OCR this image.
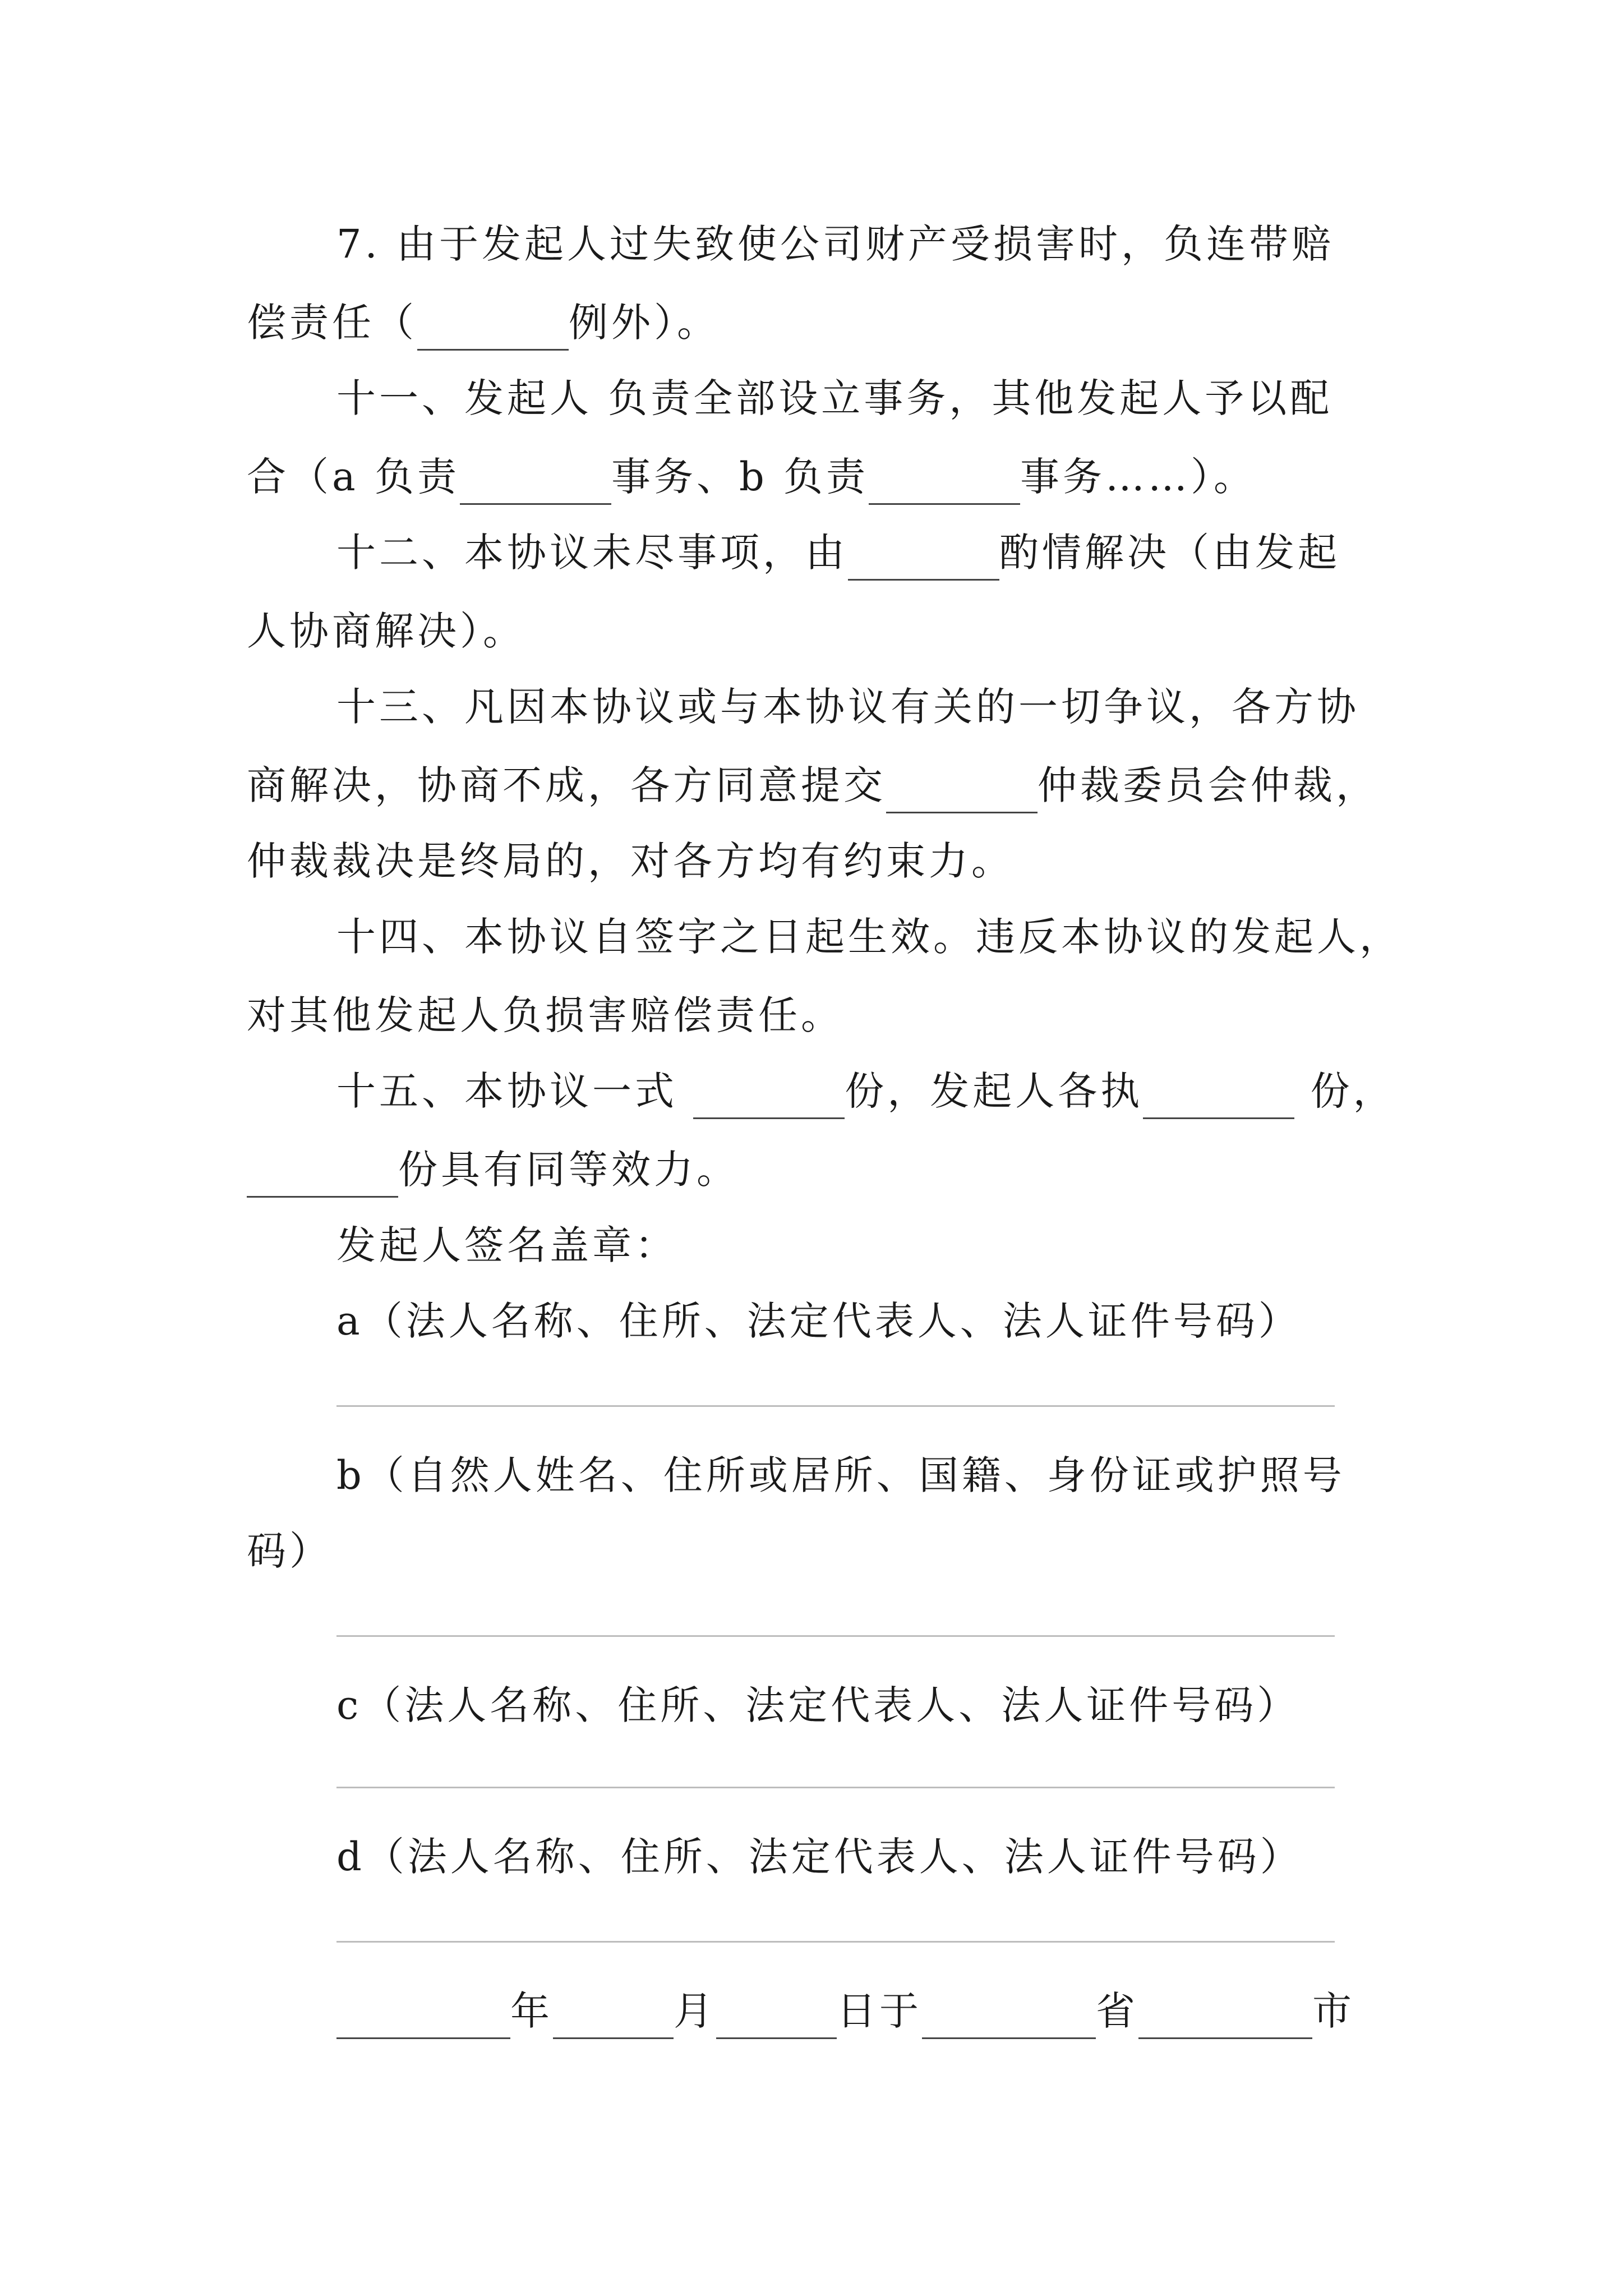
7. 由于发起人过失致使公司财产受损害时，负连带赔
偿责任（	例外）。
十一、发起人 负责全部设立事务，其他发起人予以配
合（a 负责	事务、b 负责	事务……）。
十二、本协议未尽事项，由	酌情解决（由发起
人协商解决）。
十三、凡因本协议或与本协议有关的一切争议，各方协
商解决，协商不成，各方同意提交	仲裁委员会仲裁，
仲裁裁决是终局的，对各方均有约束力。
十四、本协议自签字之日起生效。违反本协议的发起人，
对其他发起人负损害赔偿责任。
十五、本协议一式	份，发起人各执	份，
份具有同等效力。
发起人签名盖章：
a（法人名称、住所、法定代表人、法人证件号码）
b（自然人姓名、住所或居所、国籍、身份证或护照号
码）
c（法人名称、住所、法定代表人、法人证件号码）
d（法人名称、住所、法定代表人、法人证件号码）
年	月	日于	省	市
